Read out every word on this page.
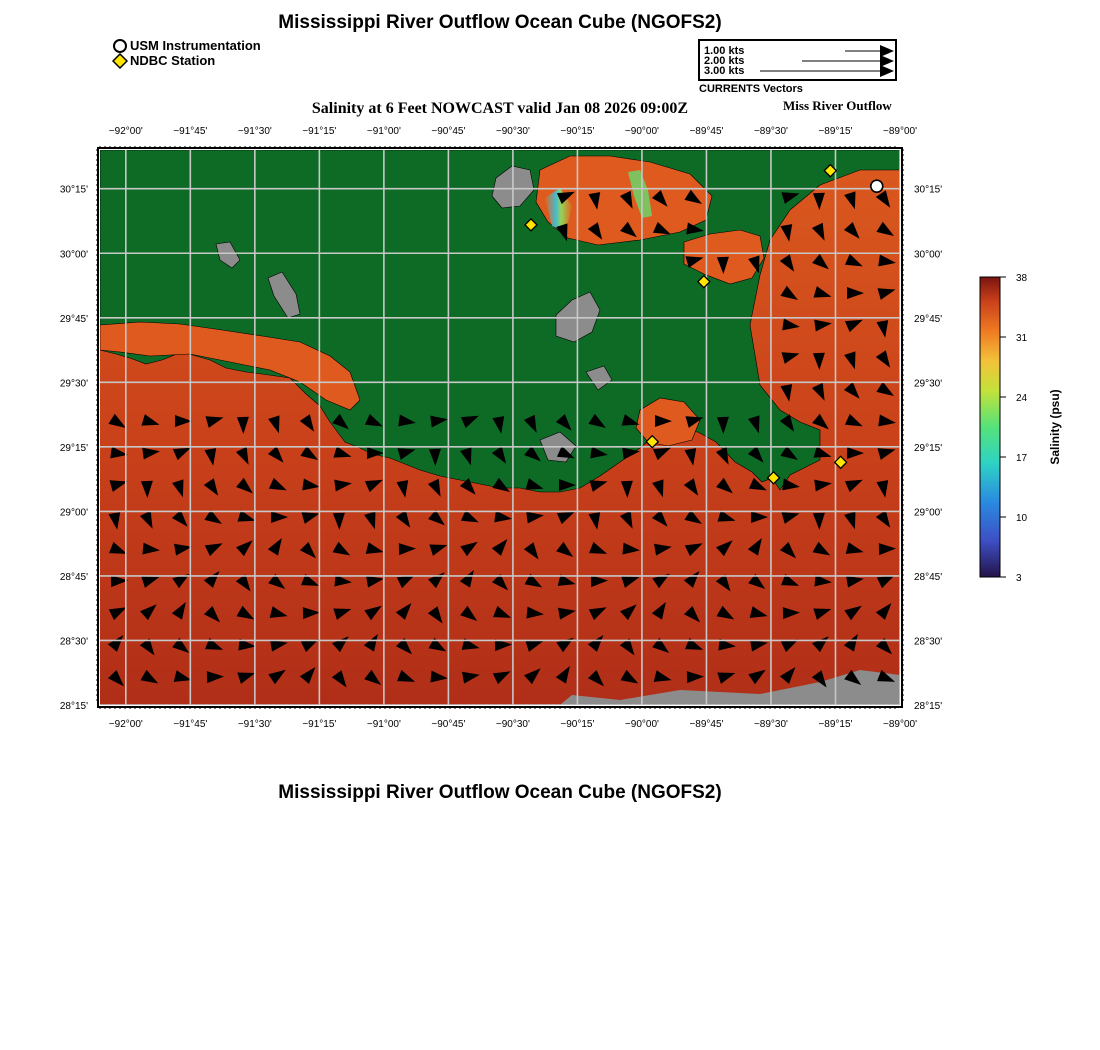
Mississippi River Outflow Ocean Cube (NGOFS2)
USM Instrumentation
NDBC Station
1.00 kts
2.00 kts
3.00 kts
CURRENTS Vectors
Salinity at 6 Feet NOWCAST valid Jan 08 2026 09:00Z	Miss River Outflow
−92°00'
−92°00'
−91°45'
−91°45'
−91°30'
−91°30'
−91°15'
−91°15'
−91°00'
−91°00'
−90°45'
−90°45'
−90°30'
−90°30'
−90°15'
−90°15'
−90°00'
−90°00'
−89°45'
−89°45'
−89°30'
−89°30'
−89°15'
−89°15'
−89°00'
−89°00'
30°15'	30°15'
30°00'	30°00'
29°45'	29°45'
29°30'	29°30'
29°15'	29°15'
29°00'	29°00'
28°45'	28°45'
28°30'	28°30'
28°15'	28°15'
38
31
24
17
10
3
Salinity (psu)
Mississippi River Outflow Ocean Cube (NGOFS2)
